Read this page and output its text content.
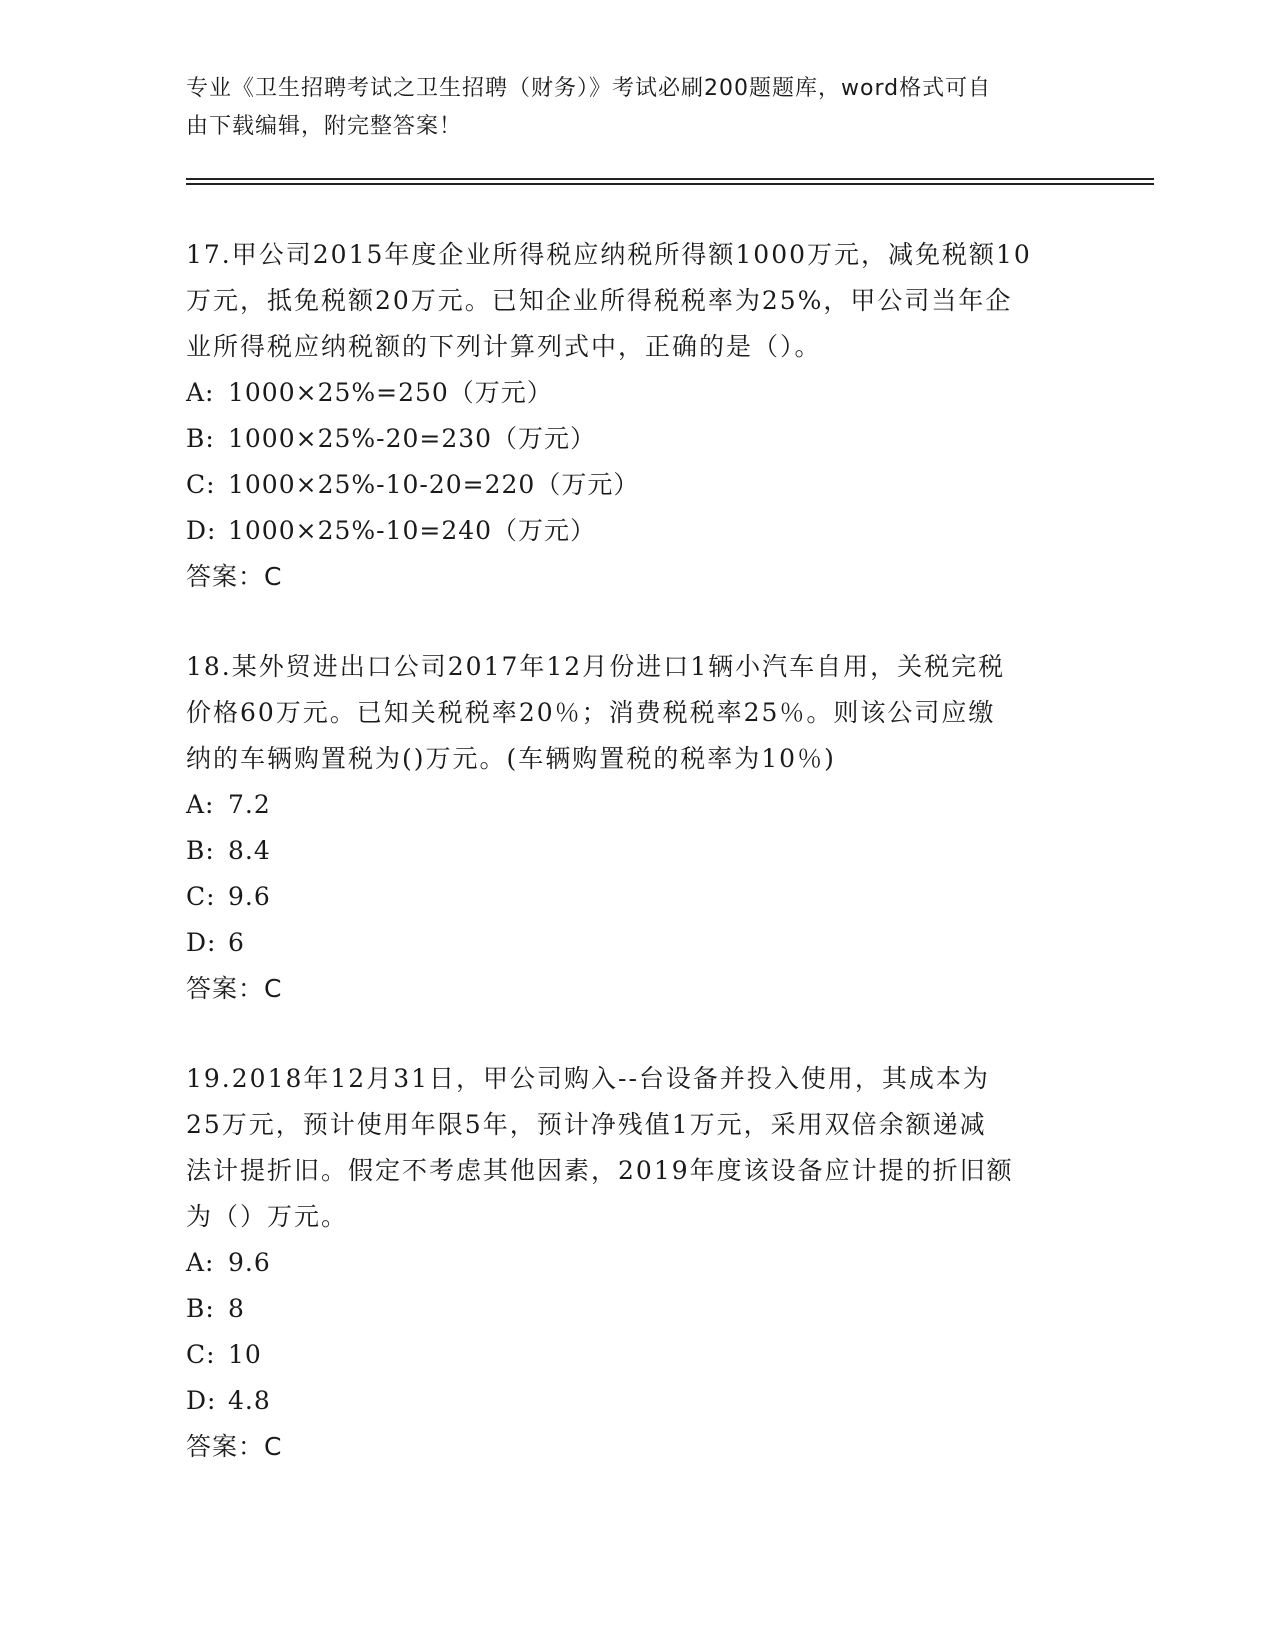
专业《卫生招聘考试之卫生招聘（财务）》考试必刷200题题库，word格式可自
由下载编辑，附完整答案！
17.甲公司2015年度企业所得税应纳税所得额1000万元，减免税额10
万元，抵免税额20万元。已知企业所得税税率为25%，甲公司当年企
业所得税应纳税额的下列计算列式中，正确的是（）。
A: 1000×25%=250（万元）
B: 1000×25%-20=230（万元）
C: 1000×25%-10-20=220（万元）
D: 1000×25%-10=240（万元）
答案：C
18.某外贸进出口公司2017年12月份进口1辆小汽车自用，关税完税
价格60万元。已知关税税率20％；消费税税率25％。则该公司应缴
纳的车辆购置税为()万元。(车辆购置税的税率为10％)
A: 7.2
B: 8.4
C: 9.6
D: 6
答案：C
19.2018年12月31日，甲公司购入--台设备并投入使用，其成本为
25万元，预计使用年限5年，预计净残值1万元，采用双倍余额递减
法计提折旧。假定不考虑其他因素，2019年度该设备应计提的折旧额
为（）万元。
A: 9.6
B: 8
C: 10
D: 4.8
答案：C
